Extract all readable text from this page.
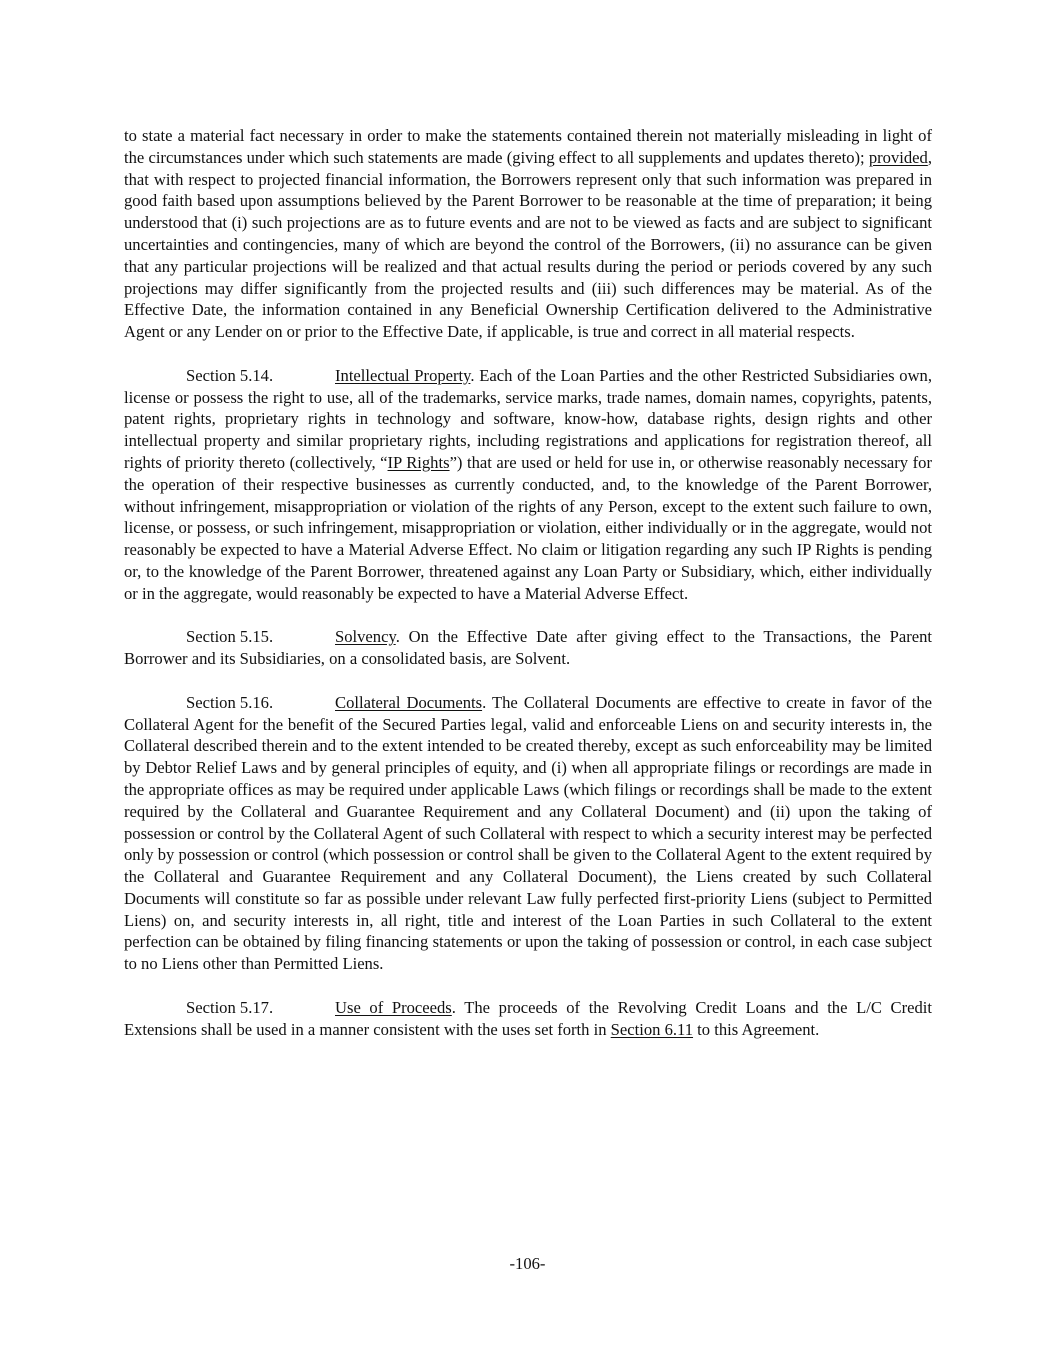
to state a material fact necessary in order to make the statements contained therein not materially misleading in light of the circumstances under which such statements are made (giving effect to all supplements and updates thereto); provided, that with respect to projected financial information, the Borrowers represent only that such information was prepared in good faith based upon assumptions believed by the Parent Borrower to be reasonable at the time of preparation; it being understood that (i) such projections are as to future events and are not to be viewed as facts and are subject to significant uncertainties and contingencies, many of which are beyond the control of the Borrowers, (ii) no assurance can be given that any particular projections will be realized and that actual results during the period or periods covered by any such projections may differ significantly from the projected results and (iii) such differences may be material. As of the Effective Date, the information contained in any Beneficial Ownership Certification delivered to the Administrative Agent or any Lender on or prior to the Effective Date, if applicable, is true and correct in all material respects.

Section 5.14.	Intellectual Property. Each of the Loan Parties and the other Restricted Subsidiaries own, license or possess the right to use, all of the trademarks, service marks, trade names, domain names, copyrights, patents, patent rights, proprietary rights in technology and software, know-how, database rights, design rights and other intellectual property and similar proprietary rights, including registrations and applications for registration thereof, all rights of priority thereto (collectively, “IP Rights”) that are used or held for use in, or otherwise reasonably necessary for the operation of their respective businesses as currently conducted, and, to the knowledge of the Parent Borrower, without infringement, misappropriation or violation of the rights of any Person, except to the extent such failure to own, license, or possess, or such infringement, misappropriation or violation, either individually or in the aggregate, would not reasonably be expected to have a Material Adverse Effect. No claim or litigation regarding any such IP Rights is pending or, to the knowledge of the Parent Borrower, threatened against any Loan Party or Subsidiary, which, either individually or in the aggregate, would reasonably be expected to have a Material Adverse Effect.

Section 5.15.	Solvency. On the Effective Date after giving effect to the Transactions, the Parent Borrower and its Subsidiaries, on a consolidated basis, are Solvent.

Section 5.16.	Collateral Documents. The Collateral Documents are effective to create in favor of the Collateral Agent for the benefit of the Secured Parties legal, valid and enforceable Liens on and security interests in, the Collateral described therein and to the extent intended to be created thereby, except as such enforceability may be limited by Debtor Relief Laws and by general principles of equity, and (i) when all appropriate filings or recordings are made in the appropriate offices as may be required under applicable Laws (which filings or recordings shall be made to the extent required by the Collateral and Guarantee Requirement and any Collateral Document) and (ii) upon the taking of possession or control by the Collateral Agent of such Collateral with respect to which a security interest may be perfected only by possession or control (which possession or control shall be given to the Collateral Agent to the extent required by the Collateral and Guarantee Requirement and any Collateral Document), the Liens created by such Collateral Documents will constitute so far as possible under relevant Law fully perfected first-priority Liens (subject to Permitted Liens) on, and security interests in, all right, title and interest of the Loan Parties in such Collateral to the extent perfection can be obtained by filing financing statements or upon the taking of possession or control, in each case subject to no Liens other than Permitted Liens.

Section 5.17.	Use of Proceeds. The proceeds of the Revolving Credit Loans and the L/C Credit Extensions shall be used in a manner consistent with the uses set forth in Section 6.11 to this Agreement.

-106-
